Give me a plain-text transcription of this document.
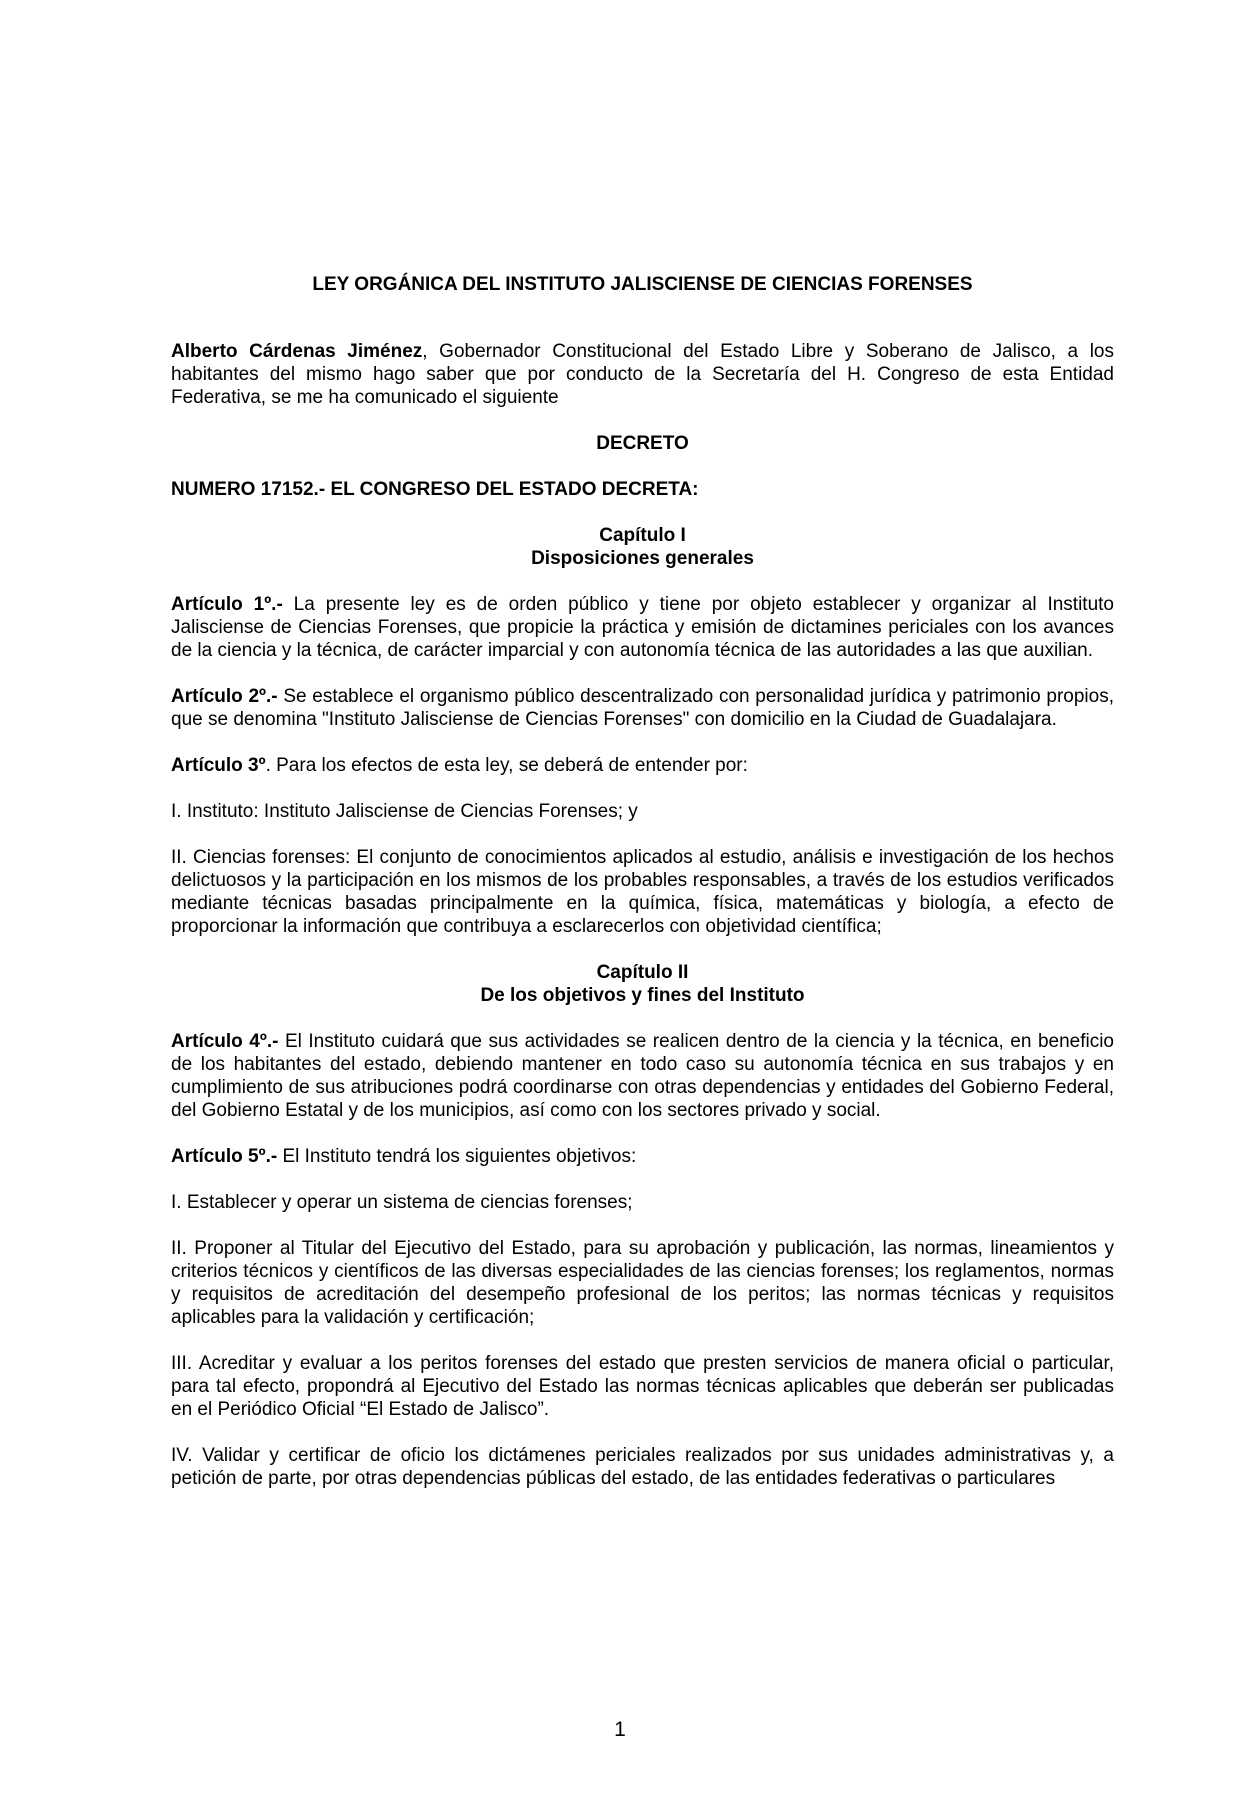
LEY ORGÁNICA DEL INSTITUTO JALISCIENSE DE CIENCIAS FORENSES

Alberto Cárdenas Jiménez, Gobernador Constitucional del Estado Libre y Soberano de Jalisco, a los habitantes del mismo hago saber que por conducto de la Secretaría del H. Congreso de esta Entidad Federativa, se me ha comunicado el siguiente

DECRETO
NUMERO 17152.- EL CONGRESO DEL ESTADO DECRETA:
Capítulo I
Disposiciones generales

Artículo 1º.- La presente ley es de orden público y tiene por objeto establecer y organizar al Instituto Jalisciense de Ciencias Forenses, que propicie la práctica y emisión de dictamines periciales con los avances de la ciencia y la técnica, de carácter imparcial y con autonomía técnica de las autoridades a las que auxilian.

Artículo 2º.- Se establece el organismo público descentralizado con personalidad jurídica y patrimonio propios, que se denomina "Instituto Jalisciense de Ciencias Forenses" con domicilio en la Ciudad de Guadalajara.

Artículo 3º. Para los efectos de esta ley, se deberá de entender por:

I. Instituto: Instituto Jalisciense de Ciencias Forenses; y

II. Ciencias forenses: El conjunto de conocimientos aplicados al estudio, análisis e investigación de los hechos delictuosos y la participación en los mismos de los probables responsables, a través de los estudios verificados mediante técnicas basadas principalmente en la química, física, matemáticas y biología, a efecto de proporcionar la información que contribuya a esclarecerlos con objetividad científica;

Capítulo II
De los objetivos y fines del Instituto

Artículo 4º.- El Instituto cuidará que sus actividades se realicen dentro de la ciencia y la técnica, en beneficio de los habitantes del estado, debiendo mantener en todo caso su autonomía técnica en sus trabajos y en cumplimiento de sus atribuciones podrá coordinarse con otras dependencias y entidades del Gobierno Federal, del Gobierno Estatal y de los municipios, así como con los sectores privado y social.

Artículo 5º.- El Instituto tendrá los siguientes objetivos:

I. Establecer y operar un sistema de ciencias forenses;

II. Proponer al Titular del Ejecutivo del Estado, para su aprobación y publicación, las normas, lineamientos y criterios técnicos y científicos de las diversas especialidades de las ciencias forenses; los reglamentos, normas y requisitos de acreditación del desempeño profesional de los peritos; las normas técnicas y requisitos aplicables para la validación y certificación;

III. Acreditar y evaluar a los peritos forenses del estado que presten servicios de manera oficial o particular, para tal efecto, propondrá al Ejecutivo del Estado las normas técnicas aplicables que deberán ser publicadas en el Periódico Oficial “El Estado de Jalisco”.

IV. Validar y certificar de oficio los dictámenes periciales realizados por sus unidades administrativas y, a petición de parte, por otras dependencias públicas del estado, de las entidades federativas o particulares

1
